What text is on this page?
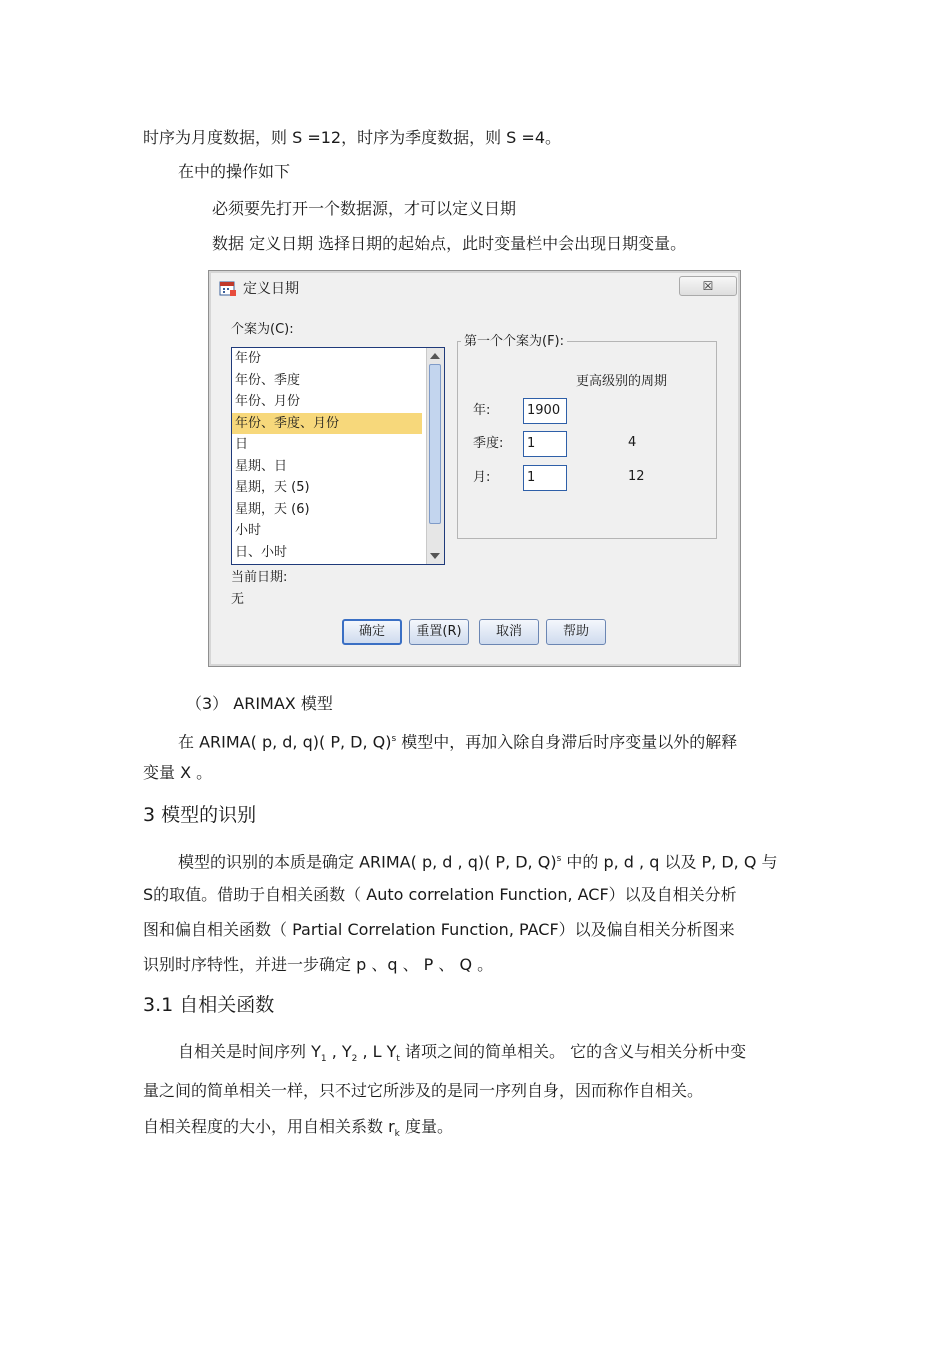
时序为月度数据，则 S =12，时序为季度数据，则 S =4。
在中的操作如下
必须要先打开一个数据源，才可以定义日期
数据 定义日期 选择日期的起始点，此时变量栏中会出现日期变量。
定义日期	☒
个案为(C):
年份
年份、季度
年份、月份
年份、季度、月份
日
星期、日
星期，天 (5)
星期，天 (6)
小时
日、小时
第一个个案为(F):
更高级别的周期
年:	1900
季度:	1	4
月:	1	12
当前日期:
无
确定	重置(R)	取消	帮助
（3） ARIMAX 模型
在 ARIMA( p, d, q)( P, D, Q)$^s$ 模型中，再加入除自身滞后时序变量以外的解释
变量 X 。
3 模型的识别
模型的识别的本质是确定 ARIMA( p, d , q)( P, D, Q)$^s$ 中的 p, d , q 以及 P, D, Q 与
S的取值。借助于自相关函数（ Auto correlation Function, ACF）以及自相关分析
图和偏自相关函数（ Partial Correlation Function, PACF）以及偏自相关分析图来
识别时序特性，并进一步确定 p 、q 、 P 、 Q 。
3.1 自相关函数
自相关是时间序列 $Y_1$ , $Y_2$ , L $Y_t$ 诸项之间的简单相关。 它的含义与相关分析中变
量之间的简单相关一样，只不过它所涉及的是同一序列自身，因而称作自相关。
自相关程度的大小，用自相关系数 $r_k$ 度量。
